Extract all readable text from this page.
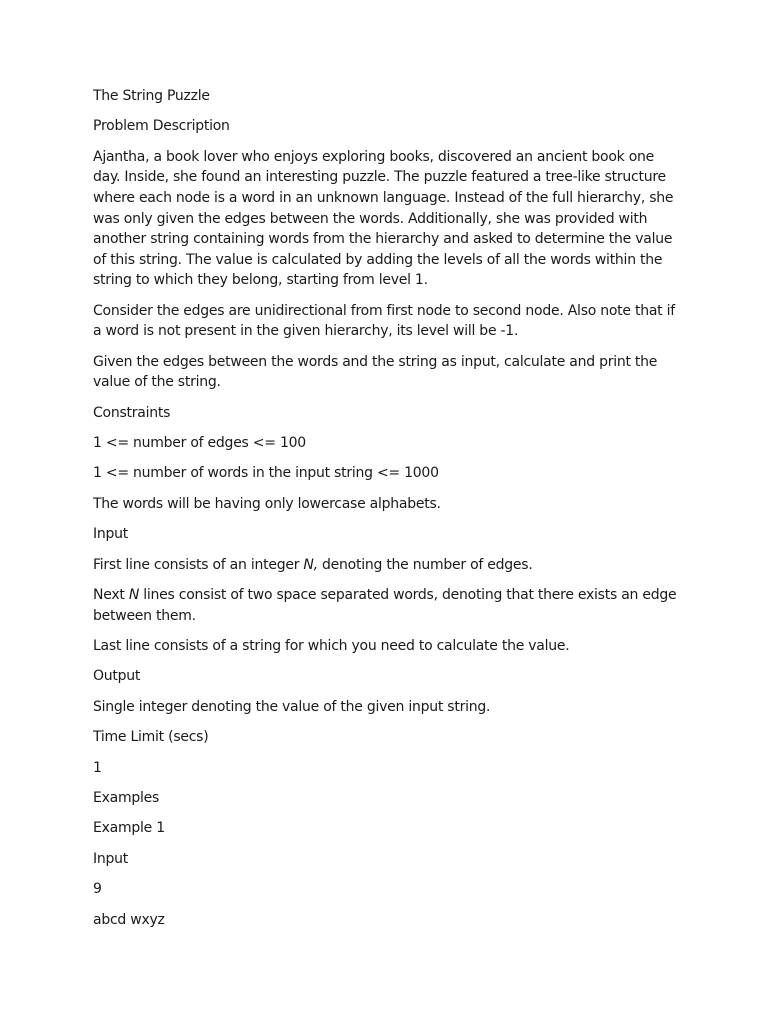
The String Puzzle

Problem Description

Ajantha, a book lover who enjoys exploring books, discovered an ancient book one day. Inside, she found an interesting puzzle. The puzzle featured a tree-like structure where each node is a word in an unknown language. Instead of the full hierarchy, she was only given the edges between the words. Additionally, she was provided with another string containing words from the hierarchy and asked to determine the value of this string. The value is calculated by adding the levels of all the words within the string to which they belong, starting from level 1.

Consider the edges are unidirectional from first node to second node. Also note that if a word is not present in the given hierarchy, its level will be -1.

Given the edges between the words and the string as input, calculate and print the value of the string.

Constraints

1 <= number of edges <= 100

1 <= number of words in the input string <= 1000

The words will be having only lowercase alphabets.

Input

First line consists of an integer N, denoting the number of edges.

Next N lines consist of two space separated words, denoting that there exists an edge between them.

Last line consists of a string for which you need to calculate the value.

Output

Single integer denoting the value of the given input string.

Time Limit (secs)

1

Examples

Example 1

Input

9

abcd wxyz
